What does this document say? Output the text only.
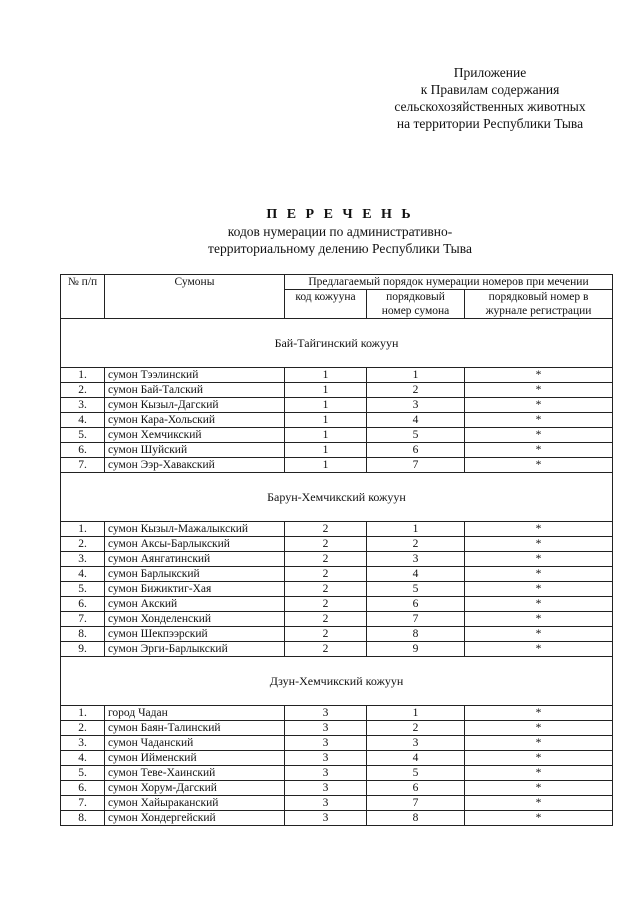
Приложение
к Правилам содержания
сельскохозяйственных животных
на территории Республики Тыва
П Е Р Е Ч Е Н Ь
кодов нумерации по административно-
территориальному делению Республики Тыва
№ п/п	Сумоны	Предлагаемый порядок нумерации номеров при мечении		
		код кожууна	порядковый номер сумона	порядковый номер в журнале регистрации
Бай-Тайгинский кожуун				
1.	сумон Тээлинский	1	1	*
2.	сумон Бай-Талский	1	2	*
3.	сумон Кызыл-Дагский	1	3	*
4.	сумон Кара-Хольский	1	4	*
5.	сумон Хемчикский	1	5	*
6.	сумон Шуйский	1	6	*
7.	сумон Ээр-Хавакский	1	7	*
Барун-Хемчикский кожуун				
1.	сумон Кызыл-Мажалыкский	2	1	*
2.	сумон Аксы-Барлыкский	2	2	*
3.	сумон Аянгатинский	2	3	*
4.	сумон Барлыкский	2	4	*
5.	сумон Бижиктиг-Хая	2	5	*
6.	сумон Акский	2	6	*
7.	сумон Хонделенский	2	7	*
8.	сумон Шекпээрский	2	8	*
9.	сумон Эрги-Барлыкский	2	9	*
Дзун-Хемчикский кожуун				
1.	город Чадан	3	1	*
2.	сумон Баян-Талинский	3	2	*
3.	сумон Чаданский	3	3	*
4.	сумон Ийменский	3	4	*
5.	сумон Теве-Хаинский	3	5	*
6.	сумон Хорум-Дагский	3	6	*
7.	сумон Хайыраканский	3	7	*
8.	сумон Хондергейский	3	8	*
